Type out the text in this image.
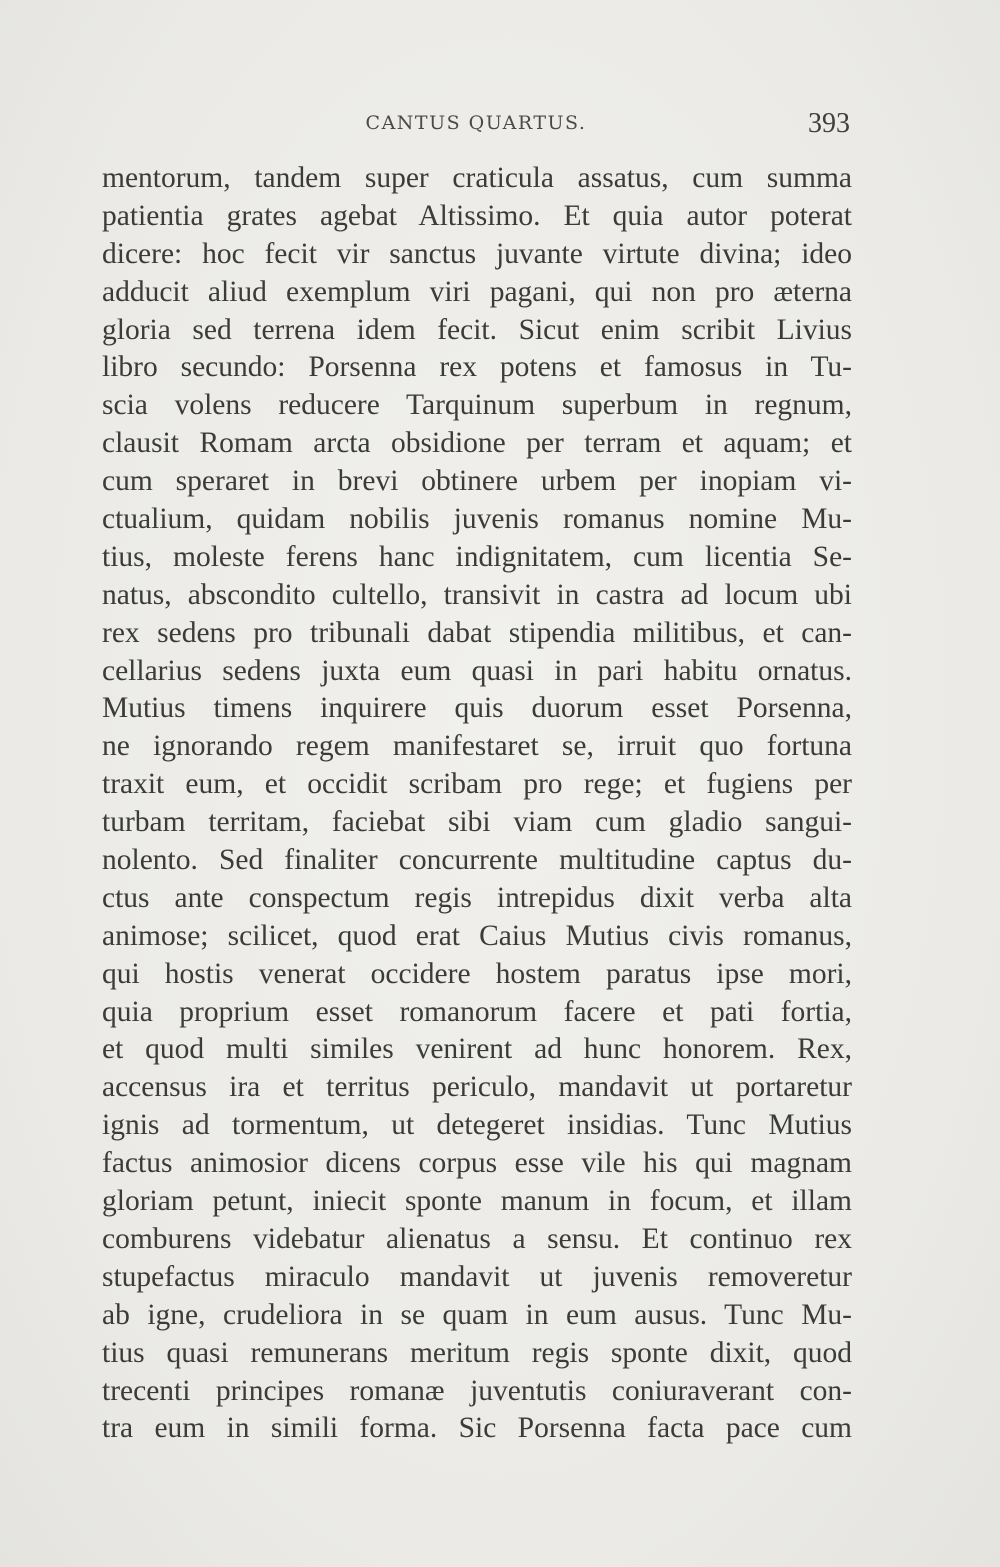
CANTUS QUARTUS.	393
mentorum, tandem super craticula assatus, cum summa
patientia grates agebat Altissimo. Et quia autor poterat
dicere: hoc fecit vir sanctus juvante virtute divina; ideo
adducit aliud exemplum viri pagani, qui non pro æterna
gloria sed terrena idem fecit. Sicut enim scribit Livius
libro secundo: Porsenna rex potens et famosus in Tu-
scia volens reducere Tarquinum superbum in regnum,
clausit Romam arcta obsidione per terram et aquam; et
cum speraret in brevi obtinere urbem per inopiam vi-
ctualium, quidam nobilis juvenis romanus nomine Mu-
tius, moleste ferens hanc indignitatem, cum licentia Se-
natus, abscondito cultello, transivit in castra ad locum ubi
rex sedens pro tribunali dabat stipendia militibus, et can-
cellarius sedens juxta eum quasi in pari habitu ornatus.
Mutius timens inquirere quis duorum esset Porsenna,
ne ignorando regem manifestaret se, irruit quo fortuna
traxit eum, et occidit scribam pro rege; et fugiens per
turbam territam, faciebat sibi viam cum gladio sangui-
nolento. Sed finaliter concurrente multitudine captus du-
ctus ante conspectum regis intrepidus dixit verba alta
animose; scilicet, quod erat Caius Mutius civis romanus,
qui hostis venerat occidere hostem paratus ipse mori,
quia proprium esset romanorum facere et pati fortia,
et quod multi similes venirent ad hunc honorem. Rex,
accensus ira et territus periculo, mandavit ut portaretur
ignis ad tormentum, ut detegeret insidias. Tunc Mutius
factus animosior dicens corpus esse vile his qui magnam
gloriam petunt, iniecit sponte manum in focum, et illam
comburens videbatur alienatus a sensu. Et continuo rex
stupefactus miraculo mandavit ut juvenis removeretur
ab igne, crudeliora in se quam in eum ausus. Tunc Mu-
tius quasi remunerans meritum regis sponte dixit, quod
trecenti principes romanæ juventutis coniuraverant con-
tra eum in simili forma. Sic Porsenna facta pace cum
